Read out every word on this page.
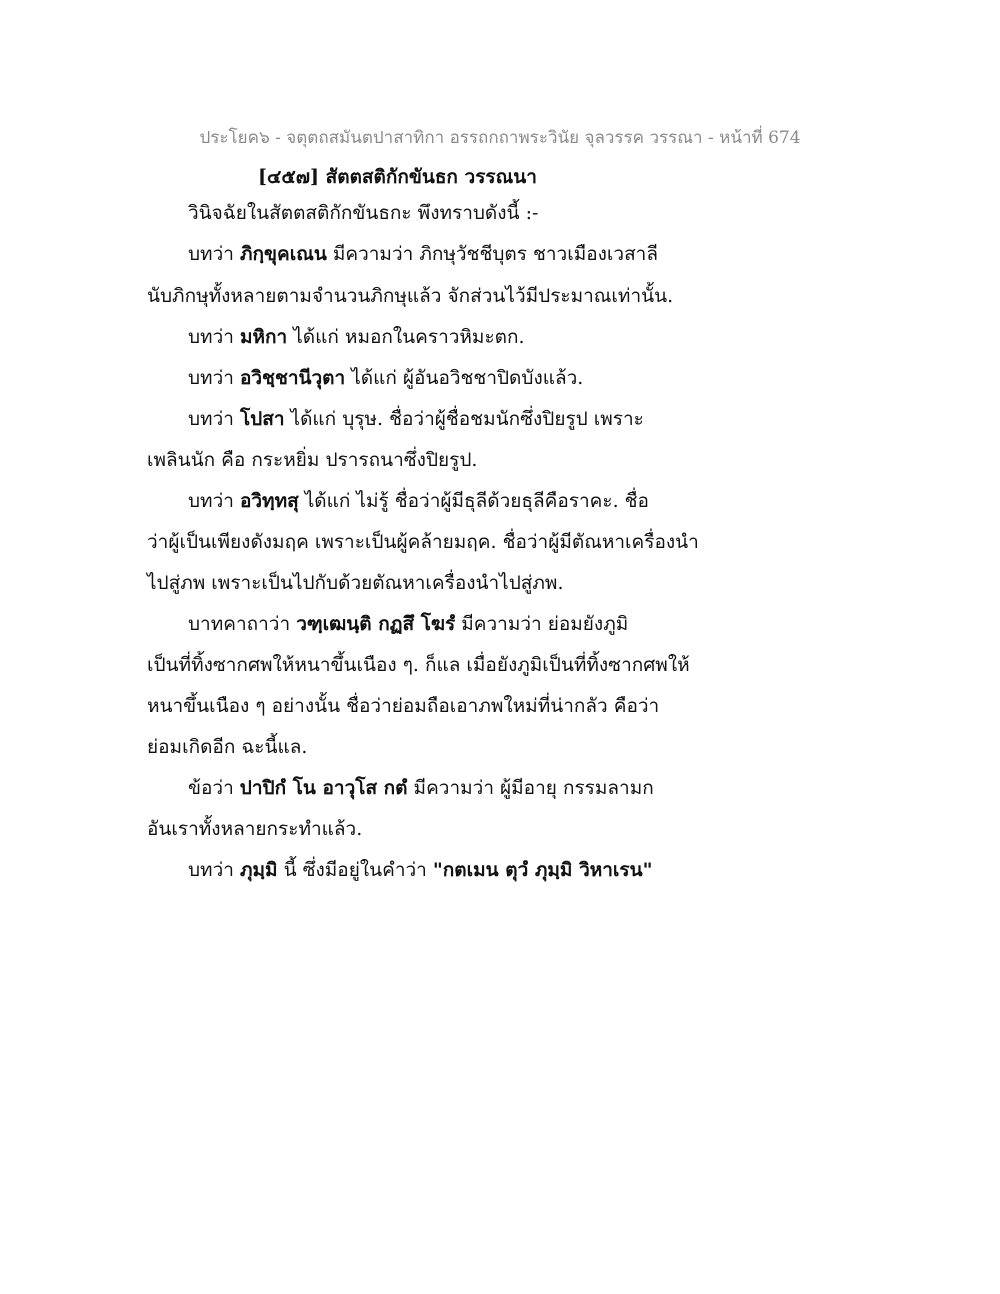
ประโยค๖ - จตุตถสมันตปาสาทิกา อรรถกถาพระวินัย จุลวรรค วรรณา - หน้าที่ 674
[๔๕๗] สัตตสติกักขันธก วรรณนา
วินิจฉัยในสัตตสติกักขันธกะ พึงทราบดังนี้ :-
บทว่า ภิกฺขุคเณน มีความว่า ภิกษุวัชชีบุตร ชาวเมืองเวสาลี
นับภิกษุทั้งหลายตามจำนวนภิกษุแล้ว จักส่วนไว้มีประมาณเท่านั้น.
บทว่า มหิกา ได้แก่ หมอกในคราวหิมะตก.
บทว่า อวิชฺชานีวุตา ได้แก่ ผู้อันอวิชชาปิดบังแล้ว.
บทว่า โปสา ได้แก่ บุรุษ. ชื่อว่าผู้ชื่อชมนักซึ่งปิยรูป เพราะ
เพลินนัก คือ กระหยิ่ม ปรารถนาซึ่งปิยรูป.
บทว่า อวิทฺทสุ ได้แก่ ไม่รู้ ชื่อว่าผู้มีธุลีด้วยธุลีคือราคะ. ชื่อ
ว่าผู้เป็นเพียงดังมฤค เพราะเป็นผู้คล้ายมฤค. ชื่อว่าผู้มีตัณหาเครื่องนำ
ไปสู่ภพ เพราะเป็นไปกับด้วยตัณหาเครื่องนำไปสู่ภพ.
บาทคาถาว่า วฑฺเฒนฺติ กฏสึ โฆรํ มีความว่า ย่อมยังภูมิ
เป็นที่ทิ้งซากศพให้หนาขึ้นเนือง ๆ. ก็แล เมื่อยังภูมิเป็นที่ทิ้งซากศพให้
หนาขึ้นเนือง ๆ อย่างนั้น ชื่อว่าย่อมถือเอาภพใหม่ที่น่ากลัว คือว่า
ย่อมเกิดอีก ฉะนี้แล.
ข้อว่า ปาปิกํ โน อาวุโส กตํ มีความว่า ผู้มีอายุ กรรมลามก
อันเราทั้งหลายกระทำแล้ว.
บทว่า ภุมฺมิ นี้ ซึ่งมีอยู่ในคำว่า "กตเมน ตุวํ ภุมฺมิ วิหาเรน"
